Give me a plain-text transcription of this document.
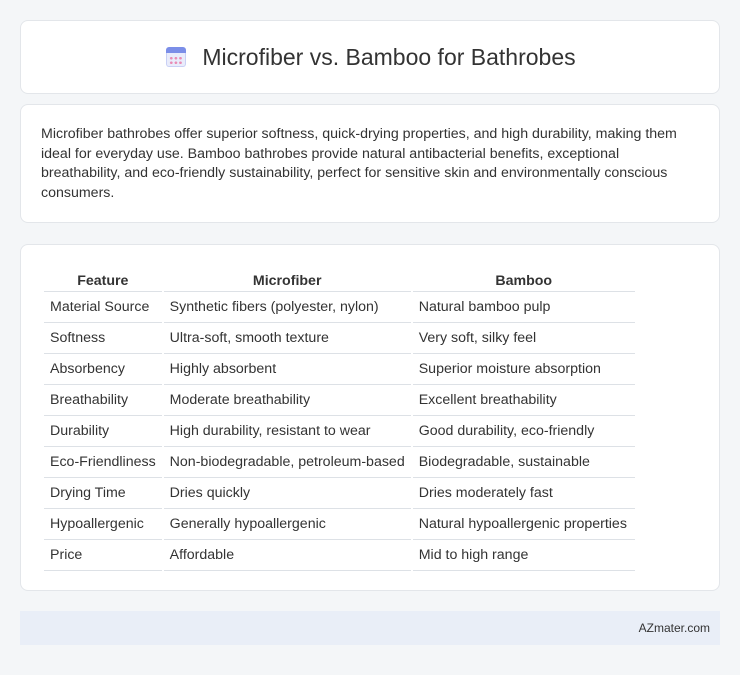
Microfiber vs. Bamboo for Bathrobes

Microfiber bathrobes offer superior softness, quick-drying properties, and high durability, making them ideal for everyday use. Bamboo bathrobes provide natural antibacterial benefits, exceptional breathability, and eco-friendly sustainability, perfect for sensitive skin and environmentally conscious consumers.

Feature	Microfiber	Bamboo
Material Source	Synthetic fibers (polyester, nylon)	Natural bamboo pulp
Softness	Ultra-soft, smooth texture	Very soft, silky feel
Absorbency	Highly absorbent	Superior moisture absorption
Breathability	Moderate breathability	Excellent breathability
Durability	High durability, resistant to wear	Good durability, eco-friendly
Eco-Friendliness	Non-biodegradable, petroleum-based	Biodegradable, sustainable
Drying Time	Dries quickly	Dries moderately fast
Hypoallergenic	Generally hypoallergenic	Natural hypoallergenic properties
Price	Affordable	Mid to high range
AZmater.com
